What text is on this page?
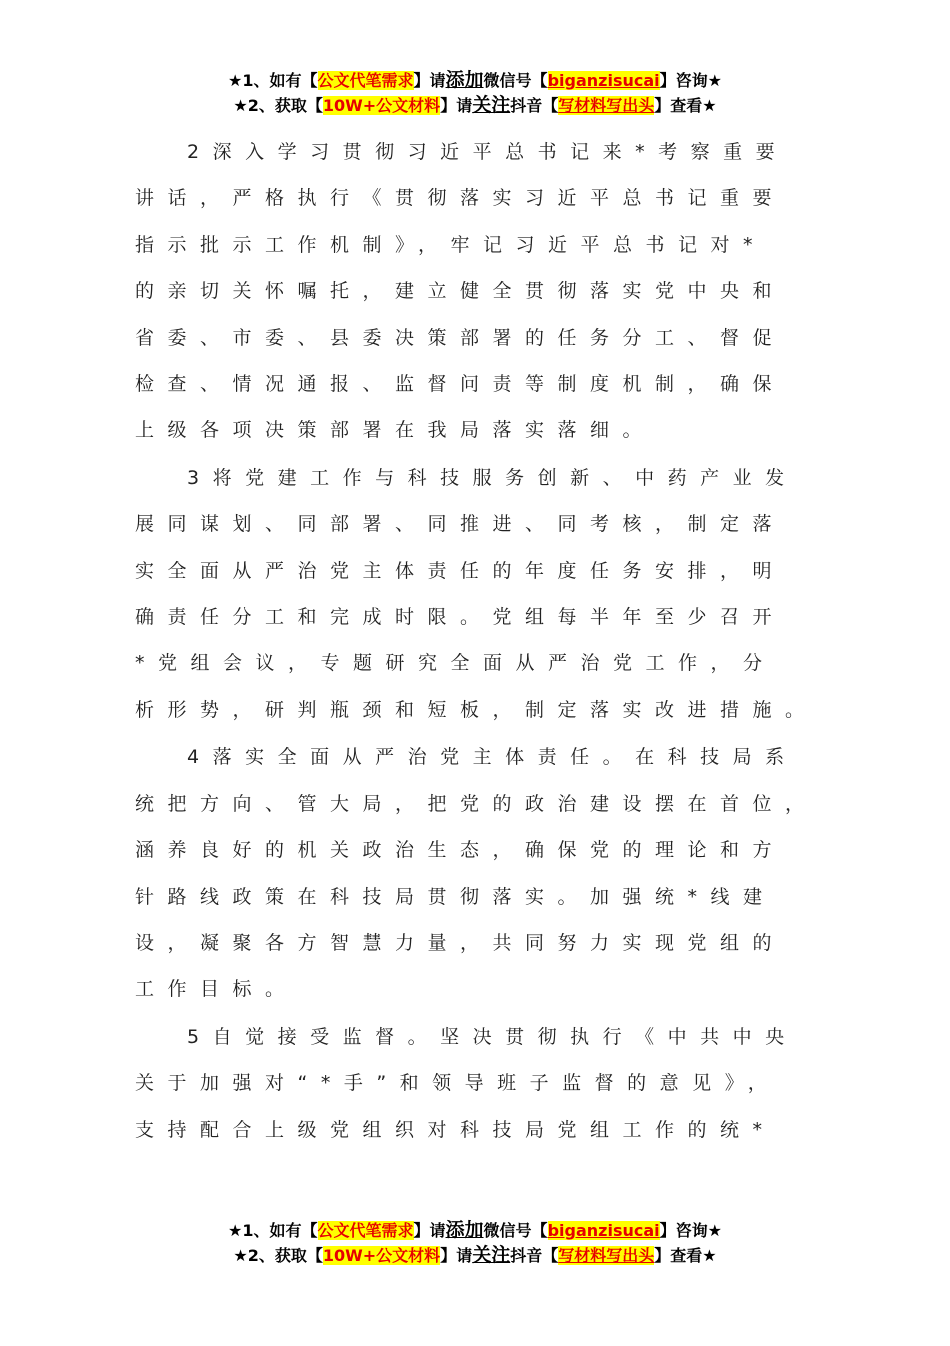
★1、如有【公文代笔需求】请添加微信号【biganzisucai】咨询★
★2、获取【10W+公文材料】请关注抖音【写材料写出头】查看★
2深入学习贯彻习近平总书记来*考察重要
讲话，严格执行《贯彻落实习近平总书记重要
指示批示工作机制》，牢记习近平总书记对*
的亲切关怀嘱托，建立健全贯彻落实党中央和
省委、市委、县委决策部署的任务分工、督促
检查、情况通报、监督问责等制度机制，确保
上级各项决策部署在我局落实落细。
3将党建工作与科技服务创新、中药产业发
展同谋划、同部署、同推进、同考核，制定落
实全面从严治党主体责任的年度任务安排，明
确责任分工和完成时限。党组每半年至少召开
*党组会议，专题研究全面从严治党工作，分
析形势，研判瓶颈和短板，制定落实改进措施。
4落实全面从严治党主体责任。在科技局系
统把方向、管大局，把党的政治建设摆在首位，
涵养良好的机关政治生态，确保党的理论和方
针路线政策在科技局贯彻落实。加强统*线建
设，凝聚各方智慧力量，共同努力实现党组的
工作目标。
5自觉接受监督。坚决贯彻执行《中共中央
关于加强对“*手”和领导班子监督的意见》，
支持配合上级党组织对科技局党组工作的统*
★1、如有【公文代笔需求】请添加微信号【biganzisucai】咨询★
★2、获取【10W+公文材料】请关注抖音【写材料写出头】查看★
